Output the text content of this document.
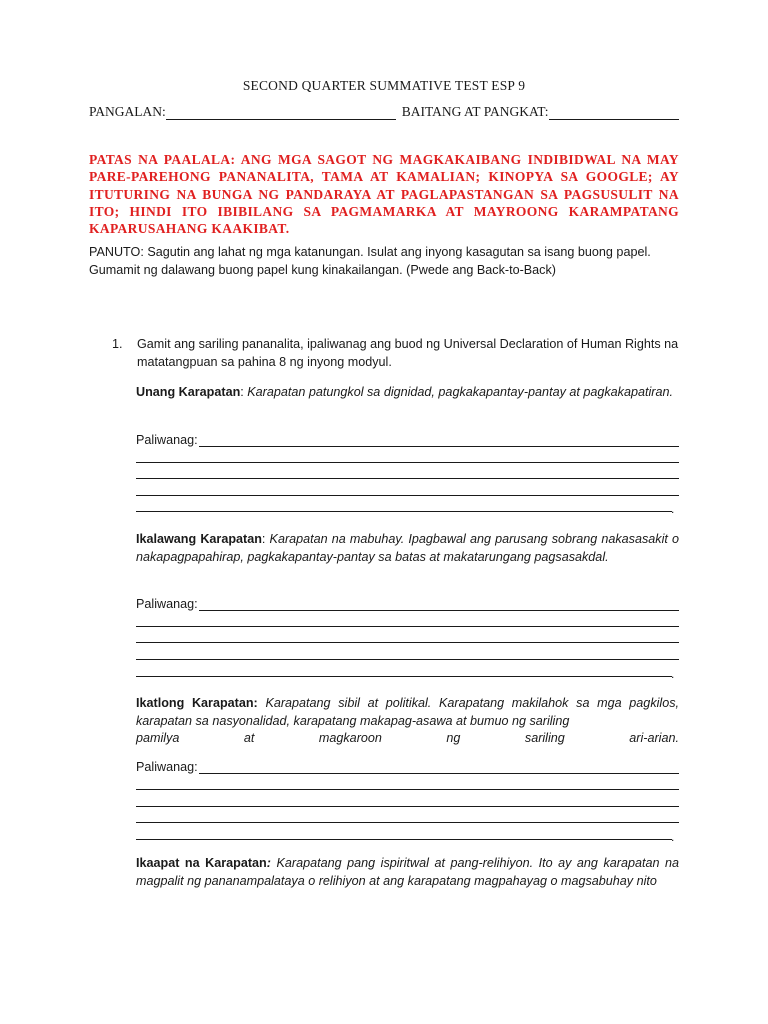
SECOND QUARTER SUMMATIVE TEST ESP 9
PANGALAN:	BAITANG AT PANGKAT:
PATAS NA PAALALA: ANG MGA SAGOT NG MAGKAKAIBANG INDIBIDWAL NA MAY PARE-PAREHONG PANANALITA, TAMA AT KAMALIAN; KINOPYA SA GOOGLE; AY ITUTURING NA BUNGA NG PANDARAYA AT PAGLAPASTANGAN SA PAGSUSULIT NA ITO; HINDI ITO IBIBILANG SA PAGMAMARKA AT MAYROONG KARAMPATANG KAPARUSAHANG KAAKIBAT.
PANUTO: Sagutin ang lahat ng mga katanungan. Isulat ang inyong kasagutan sa isang buong papel. Gumamit ng dalawang buong papel kung kinakailangan. (Pwede ang Back-to-Back)
1. Gamit ang sariling pananalita, ipaliwanag ang buod ng Universal Declaration of Human Rights na matatangpuan sa pahina 8 ng inyong modyul.
Unang Karapatan: Karapatan patungkol sa dignidad, pagkakapantay-pantay at pagkakapatiran.
Paliwanag:
.
Ikalawang Karapatan: Karapatan na mabuhay. Ipagbawal ang parusang sobrang nakasasakit o nakapagpapahirap, pagkakapantay-pantay sa batas at makatarungang pagsasakdal.
Paliwanag:
.
Ikatlong Karapatan: Karapatang sibil at politikal. Karapatang makilahok sa mga pagkilos, karapatan sa nasyonalidad, karapatang makapag-asawa at bumuo ng sariling
pamilya	at	magkaroon	ng	sariling	ari-arian.
Paliwanag:
.
Ikaapat na Karapatan: Karapatang pang ispiritwal at pang-relihiyon. Ito ay ang karapatan na magpalit ng pananampalataya o relihiyon at ang karapatang magpahayag o magsabuhay nito
